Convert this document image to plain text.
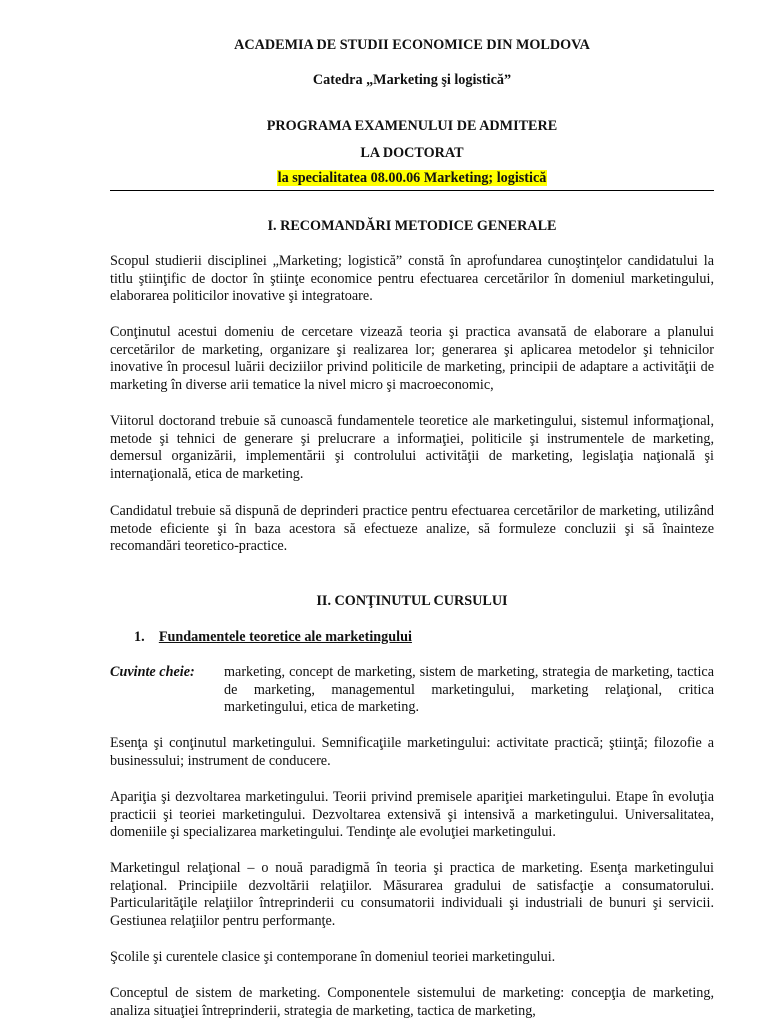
ACADEMIA DE STUDII ECONOMICE DIN MOLDOVA
Catedra „Marketing şi logistică”
PROGRAMA EXAMENULUI DE ADMITERE
LA DOCTORAT
la specialitatea 08.00.06 Marketing; logistică
I. RECOMANDĂRI METODICE GENERALE
Scopul studierii disciplinei „Marketing; logistică” constă în aprofundarea cunoştinţelor candidatului la titlu ştiinţific de doctor în ştiinţe economice pentru efectuarea cercetărilor în domeniul marketingului, elaborarea politicilor inovative şi integratoare.
Conţinutul acestui domeniu de cercetare vizează teoria şi practica avansată de elaborare a planului cercetărilor de marketing, organizare şi realizarea lor; generarea şi aplicarea metodelor şi tehnicilor inovative în procesul luării deciziilor privind politicile de marketing, principii de adaptare a activităţii de marketing în diverse arii tematice la nivel micro şi macroeconomic,
Viitorul doctorand trebuie să cunoască fundamentele teoretice ale marketingului, sistemul informaţional, metode şi tehnici de generare şi prelucrare a informaţiei, politicile şi instrumentele de marketing, demersul organizării, implementării şi controlului activităţii de marketing, legislaţia naţională şi internaţională, etica de marketing.
Candidatul trebuie să dispună de deprinderi practice pentru efectuarea cercetărilor de marketing, utilizând metode eficiente şi în baza acestora să efectueze analize, să formuleze concluzii şi să înainteze recomandări teoretico-practice.
II. CONŢINUTUL CURSULUI
1. Fundamentele teoretice ale marketingului
Cuvinte cheie: marketing, concept de marketing, sistem de marketing, strategia de marketing, tactica de marketing, managementul marketingului, marketing relaţional, critica marketingului, etica de marketing.
Esenţa şi conţinutul marketingului. Semnificaţiile marketingului: activitate practică; ştiinţă; filozofie a businessului; instrument de conducere.
Apariţia şi dezvoltarea marketingului. Teorii privind premisele apariţiei marketingului. Etape în evoluţia practicii şi teoriei marketingului. Dezvoltarea extensivă şi intensivă a marketingului. Universalitatea, domeniile şi specializarea marketingului. Tendinţe ale evoluţiei marketingului.
Marketingul relaţional – o nouă paradigmă în teoria şi practica de marketing. Esenţa marketingului relaţional. Principiile dezvoltării relaţiilor. Măsurarea gradului de satisfacţie a consumatorului. Particularităţile relaţiilor întreprinderii cu consumatorii individuali şi industriali de bunuri şi servicii. Gestiunea relaţiilor pentru performanţe.
Şcolile şi curentele clasice şi contemporane în domeniul teoriei marketingului.
Conceptul de sistem de marketing. Componentele sistemului de marketing: concepţia de marketing, analiza situaţiei întreprinderii, strategia de marketing, tactica de marketing,
